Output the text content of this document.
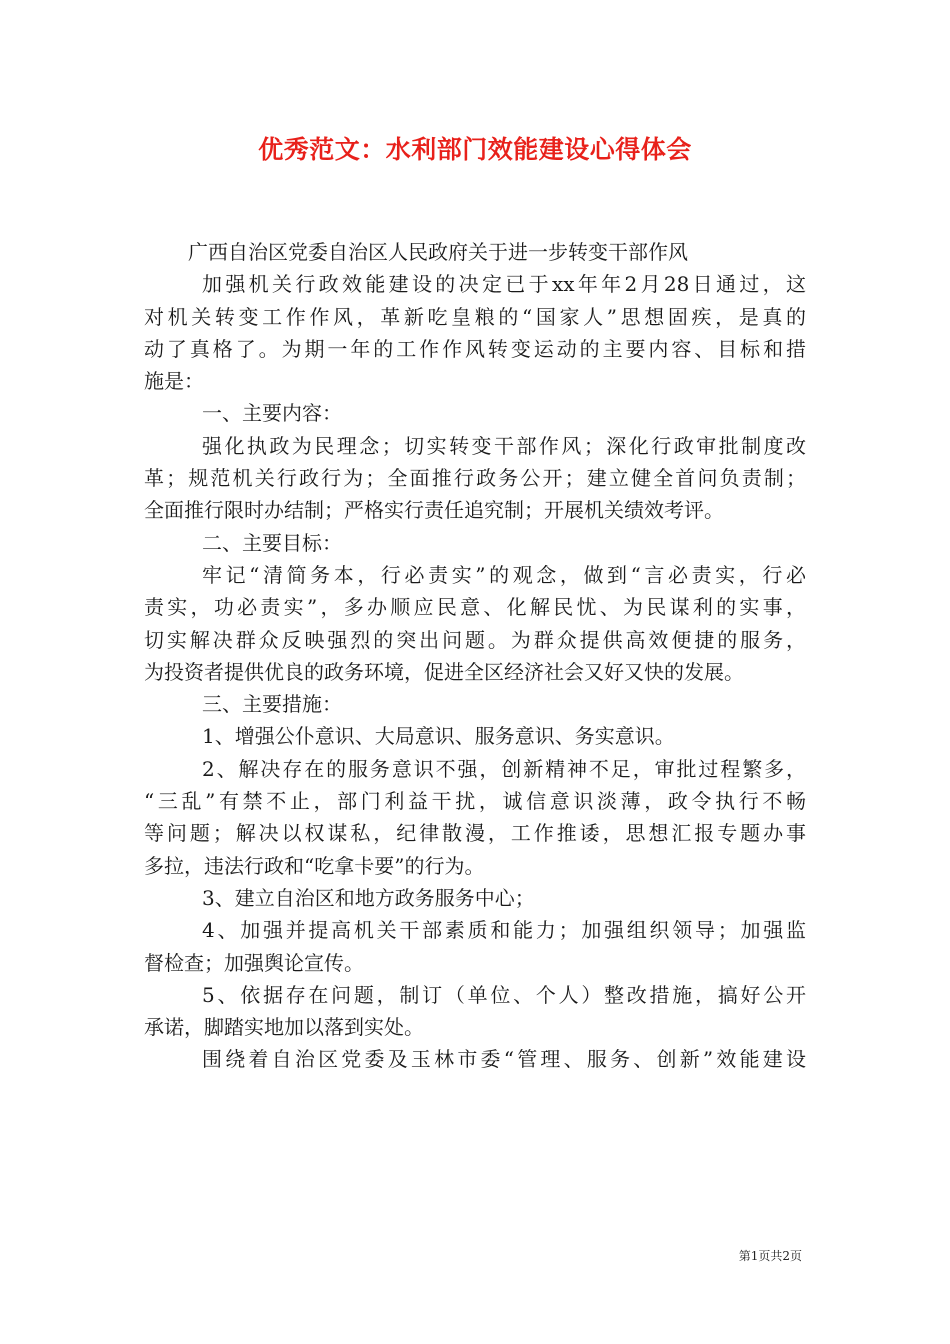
优秀范文：水利部门效能建设心得体会
广西自治区党委自治区人民政府关于进一步转变干部作风
加强机关行政效能建设的决定已于xx年年2月28日通过，这
对机关转变工作作风，革新吃皇粮的“国家人”思想固疾，是真的
动了真格了。为期一年的工作作风转变运动的主要内容、目标和措
施是：
一、主要内容：
强化执政为民理念；切实转变干部作风；深化行政审批制度改
革；规范机关行政行为；全面推行政务公开；建立健全首问负责制；
全面推行限时办结制；严格实行责任追究制；开展机关绩效考评。
二、主要目标：
牢记“清简务本，行必责实”的观念，做到“言必责实，行必
责实，功必责实”，多办顺应民意、化解民忧、为民谋利的实事，
切实解决群众反映强烈的突出问题。为群众提供高效便捷的服务，
为投资者提供优良的政务环境，促进全区经济社会又好又快的发展。
三、主要措施：
1、增强公仆意识、大局意识、服务意识、务实意识。
2、解决存在的服务意识不强，创新精神不足，审批过程繁多，
“三乱”有禁不止，部门利益干扰，诚信意识淡薄，政令执行不畅
等问题；解决以权谋私，纪律散漫，工作推诿，思想汇报专题办事
多拉，违法行政和“吃拿卡要”的行为。
3、建立自治区和地方政务服务中心；
4、加强并提高机关干部素质和能力；加强组织领导；加强监
督检查；加强舆论宣传。
5、依据存在问题，制订（单位、个人）整改措施，搞好公开
承诺，脚踏实地加以落到实处。
围绕着自治区党委及玉林市委“管理、服务、创新”效能建设
第1页共2页
